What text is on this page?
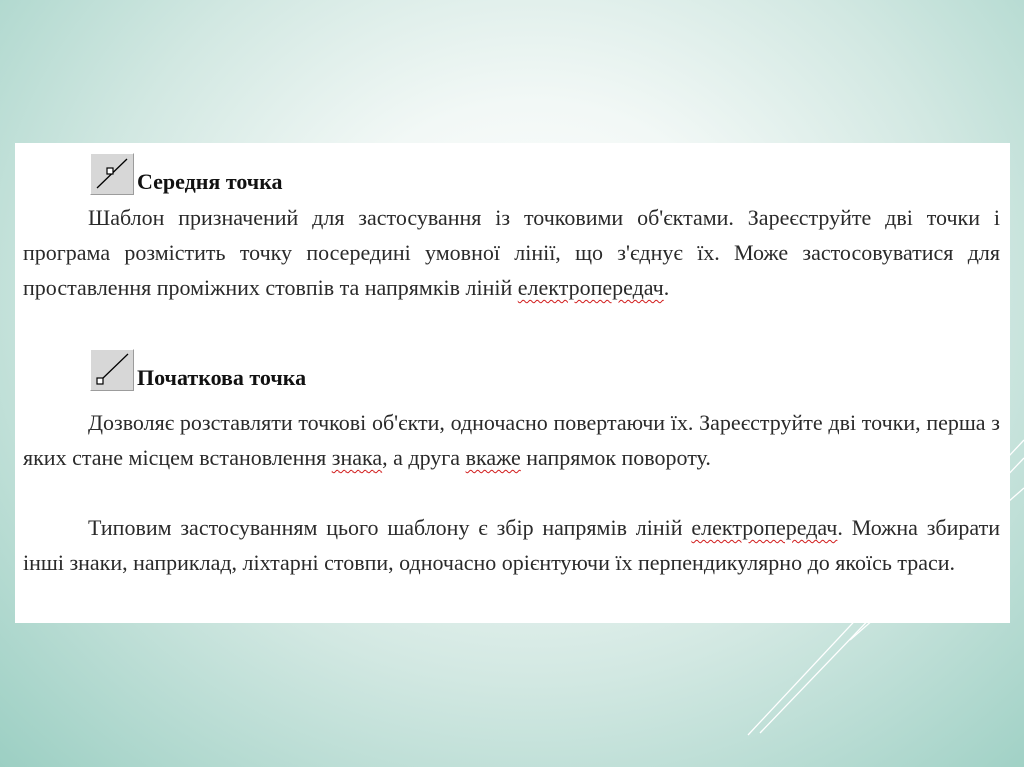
Середня точка

Шаблон призначений для застосування із точковими об'єктами. Зареєструйте дві точки і програма розмістить точку посередині умовної лінії, що з'єднує їх. Може застосовуватися для проставлення проміжних стовпів та напрямків ліній електропередач.

Початкова точка

Дозволяє розставляти точкові об'єкти, одночасно повертаючи їх. Зареєструйте дві точки, перша з яких стане місцем встановлення знака, а друга вкаже напрямок повороту.

Типовим застосуванням цього шаблону є збір напрямів ліній електропередач. Можна збирати інші знаки, наприклад, ліхтарні стовпи, одночасно орієнтуючи їх перпендикулярно до якоїсь траси.
